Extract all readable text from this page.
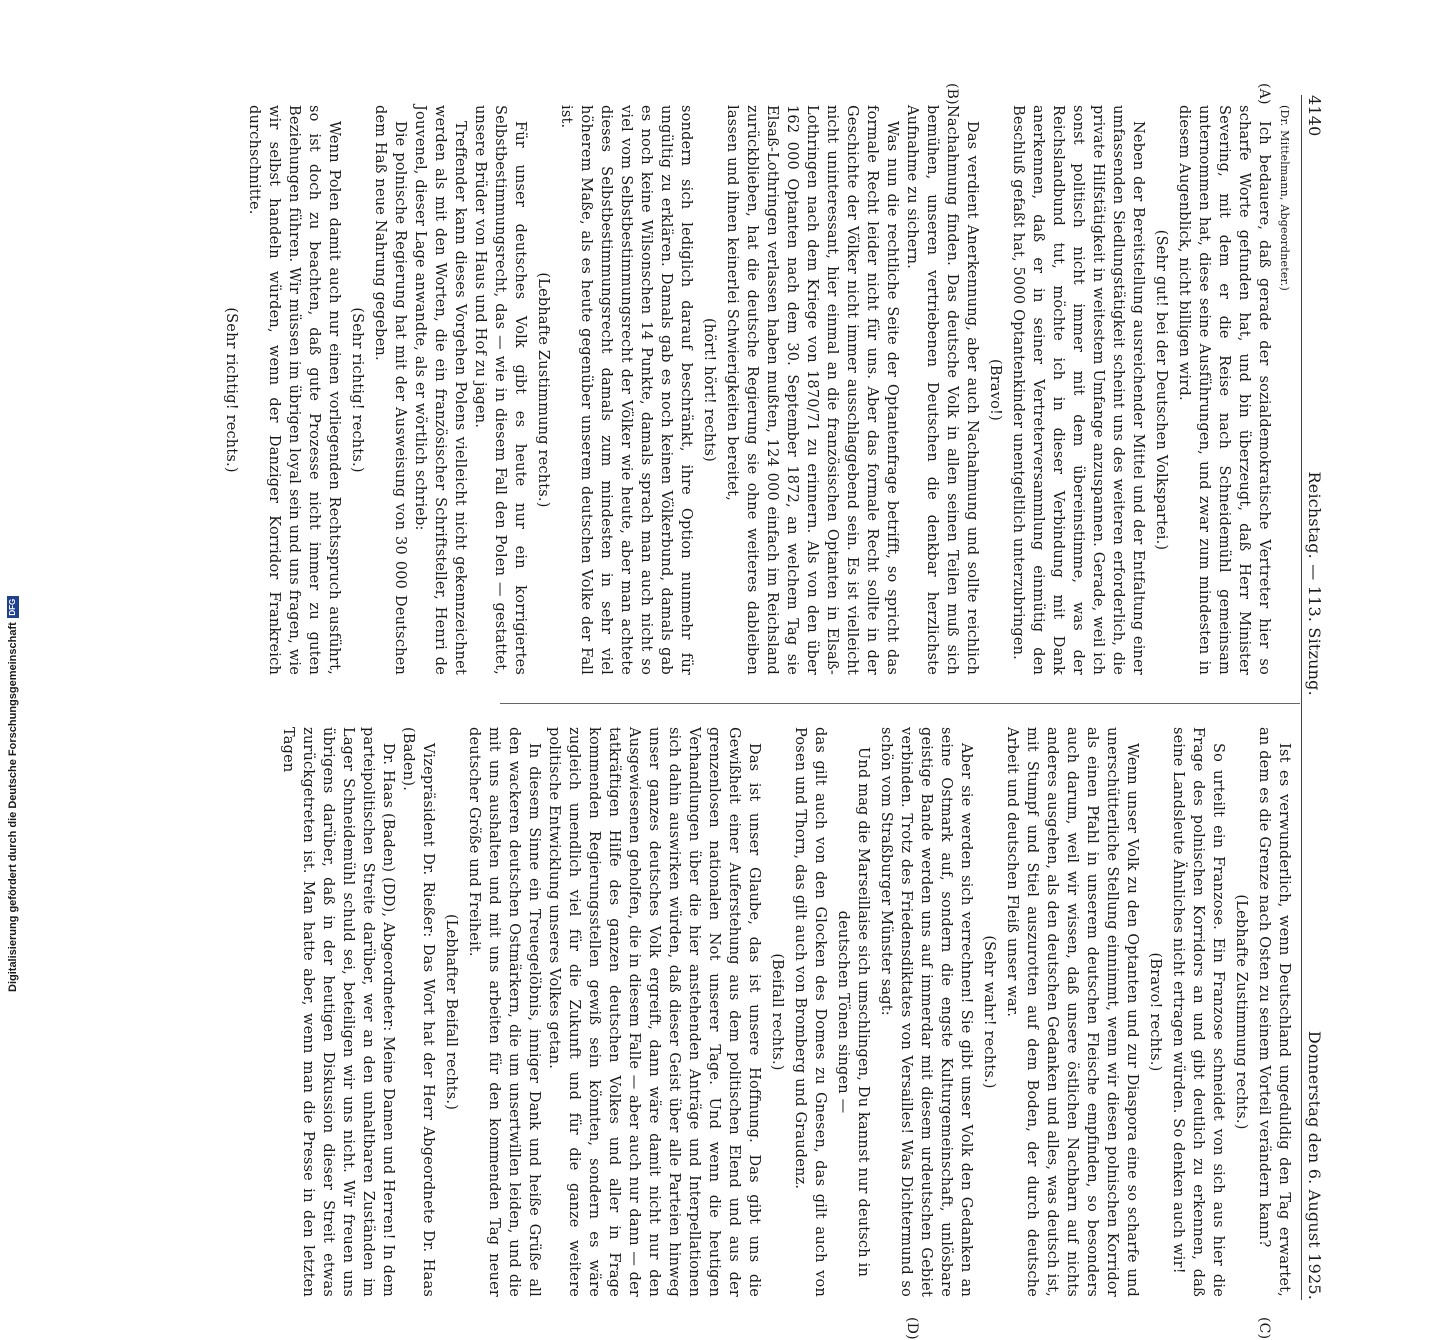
Digitalisierung gefördert durch die Deutsche Forschungsgemeinschaft
DFG
4140
Reichstag. — 113. Sitzung.
Donnerstag den 6. August 1925.
(A)
(B)

(Dr. Mittelmann, Abgeordneter.)

Ich bedauere, daß gerade der sozialdemokratische Vertreter hier so scharfe Worte gefunden hat, und bin überzeugt, daß Herr Minister Severing, mit dem er die Reise nach Schneidemühl gemeinsam unternommen hat, diese seine Ausführungen, und zwar zum mindesten in diesem Augenblick, nicht billigen wird.

(Sehr gut! bei der Deutschen Volkspartei.)

Neben der Bereitstellung ausreichender Mittel und der Entfaltung einer umfassenden Siedlungstätigkeit scheint uns des weiteren erforderlich, die private Hilfstätigkeit in weitestem Umfange anzuspannen. Gerade, weil ich sonst politisch nicht immer mit dem übereinstimme, was der Reichslandbund tut, möchte ich in dieser Verbindung mit Dank anerkennen, daß er in seiner Vertreterversammlung einmütig den Beschluß gefaßt hat, 5000 Optantenkinder unentgeltlich unterzubringen.

(Bravo!)

Das verdient Anerkennung, aber auch Nachahmung und sollte reichlich Nachahmung finden. Das deutsche Volk in allen seinen Teilen muß sich bemühen, unseren vertriebenen Deutschen die denkbar herzlichste Aufnahme zu sichern.

Was nun die rechtliche Seite der Optantenfrage betrifft, so spricht das formale Recht leider nicht für uns. Aber das formale Recht sollte in der Geschichte der Völker nicht immer ausschlaggebend sein. Es ist vielleicht nicht uninteressant, hier einmal an die französischen Optanten in Elsaß-Lothringen nach dem Kriege von 1870/71 zu erinnern. Als von den über 162 000 Optanten nach dem 30. September 1872, an welchem Tag sie Elsaß-Lothringen verlassen haben mußten, 124 000 einfach im Reichsland zurückblieben, hat die deutsche Regierung sie ohne weiteres dableiben lassen und ihnen keinerlei Schwierigkeiten bereitet,

(hört! hört! rechts)

sondern sich lediglich darauf beschränkt, ihre Option nunmehr für ungültig zu erklären. Damals gab es noch keinen Völkerbund, damals gab es noch keine Wilsonschen 14 Punkte, damals sprach man auch nicht so viel vom Selbstbestimmungsrecht der Völker wie heute, aber man achtete dieses Selbstbestimmungsrecht damals zum mindesten in sehr viel höherem Maße, als es heute gegenüber unserem deutschen Volke der Fall ist.

(Lebhafte Zustimmung rechts.)

Für unser deutsches Volk gibt es heute nur ein korrigiertes Selbstbestimmungsrecht, das — wie in diesem Fall den Polen — gestattet, unsere Brüder von Haus und Hof zu jagen.

Treffender kann dieses Vorgehen Polens vielleicht nicht gekennzeichnet werden als mit den Worten, die ein französischer Schriftsteller, Henri de Jouvenel, dieser Lage anwandte, als er wörtlich schrieb:

Die polnische Regierung hat mit der Ausweisung von 30 000 Deutschen dem Haß neue Nahrung gegeben.

(Sehr richtig! rechts.)

Wenn Polen damit auch nur einen vorliegenden Rechtsspruch ausführt, so ist doch zu beachten, daß gute Prozesse nicht immer zu guten Beziehungen führen. Wir müssen im übrigen loyal sein und uns fragen, wie wir selbst handeln würden, wenn der Danziger Korridor Frankreich durchschnitte.

(Sehr richtig! rechts.)

(C)
(D)

Ist es verwunderlich, wenn Deutschland ungeduldig den Tag erwartet, an dem es die Grenze nach Osten zu seinem Vorteil verändern kann?

(Lebhafte Zustimmung rechts.)

So urteilt ein Franzose. Ein Franzose schneidet von sich aus hier die Frage des polnischen Korridors an und gibt deutlich zu erkennen, daß seine Landsleute Ähnliches nicht ertragen würden. So denken auch wir!

(Bravo! rechts.)

Wenn unser Volk zu den Optanten und zur Diaspora eine so scharfe und unerschütterliche Stellung einnimmt, wenn wir diesen polnischen Korridor als einen Pfahl in unserem deutschen Fleische empfinden, so besonders auch darum, weil wir wissen, daß unsere östlichen Nachbarn auf nichts anderes ausgehen, als den deutschen Gedanken und alles, was deutsch ist, mit Stumpf und Stiel auszurotten auf dem Boden, der durch deutsche Arbeit und deutschen Fleiß unser war.

(Sehr wahr! rechts.)

Aber sie werden sich verrechnen! Sie gibt unser Volk den Gedanken an seine Ostmark auf, sondern die engste Kulturgemeinschaft, unlösbare geistige Bande werden uns auf immerdar mit diesem urdeutschen Gebiet verbinden. Trotz des Friedensdiktates von Versailles! Was Dichtermund so schön vom Straßburger Münster sagt:

Und mag die Marseillaise sich umschlingen, Du kannst nur deutsch in deutschen Tönen singen —

das gilt auch von den Glocken des Domes zu Gnesen, das gilt auch von Posen und Thorn, das gilt auch von Bromberg und Graudenz.

(Beifall rechts.)

Das ist unser Glaube, das ist unsere Hoffnung. Das gibt uns die Gewißheit einer Auferstehung aus dem politischen Elend und aus der grenzenlosen nationalen Not unserer Tage. Und wenn die heutigen Verhandlungen über die hier anstehenden Anträge und Interpellationen sich dahin auswirken würden, daß dieser Geist über alle Parteien hinweg unser ganzes deutsches Volk ergreift, dann wäre damit nicht nur den Ausgewiesenen geholfen, die in diesem Falle — aber auch nur dann — der tatkräftigen Hilfe des ganzen deutschen Volkes und aller in Frage kommenden Regierungsstellen gewiß sein könnten, sondern es wäre zugleich unendlich viel für die Zukunft und für die ganze weitere politische Entwicklung unseres Volkes getan.

In diesem Sinne ein Treuegelöbnis, inniger Dank und heiße Grüße all den wackeren deutschen Ostmärkern, die um unsertwillen leiden, und die mit uns aushalten und mit uns arbeiten für den kommenden Tag neuer deutscher Größe und Freiheit.

(Lebhafter Beifall rechts.)

Vizepräsident Dr. Rießer: Das Wort hat der Herr Abgeordnete Dr. Haas (Baden).

Dr. Haas (Baden) (DD), Abgeordneter: Meine Damen und Herren! In dem parteipolitischen Streite darüber, wer an den unhaltbaren Zuständen im Lager Schneidemühl schuld sei, beteiligen wir uns nicht. Wir freuen uns übrigens darüber, daß in der heutigen Diskussion dieser Streit etwas zurückgetreten ist. Man hatte aber, wenn man die Presse in den letzten Tagen
